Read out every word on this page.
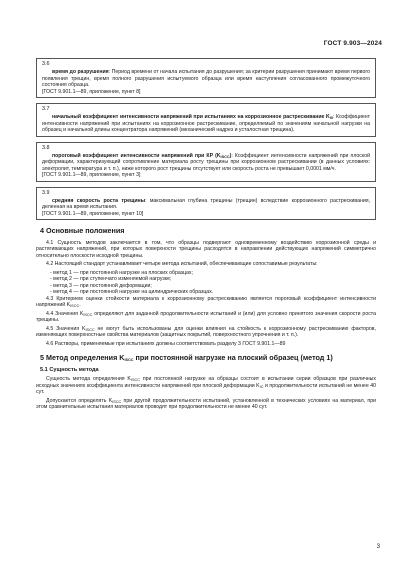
ГОСТ 9.903—2024
3.6

время до разрушения: Период времени от начала испытания до разрушения; за критерии разрушения принимают время первого появления трещин, время полного разрушения испытуемого образца или время наступления согласованного промежуточного состояния образца.

[ГОСТ 9.901.1—89, приложение, пункт 8]

3.7

начальный коэффициент интенсивности напряжений при испытаниях на коррозионное растрескивание $K_{I0}$: Коэффициент интенсивности напряжений при испытаниях на коррозионное растрескивание, определяемый по значениям начальной нагрузки на образец и начальной длины концентратора напряжений (механический надрез и усталостная трещина).

3.8

пороговый коэффициент интенсивности напряжений при КР $(K_{ISCC})$: Коэффициент интенсивности напряжений при плоской деформации, характеризующий сопротивление материала росту трещины при коррозионном растрескивании (в данных условиях: электролит, температура и т. п.), ниже которого рост трещины отсутствует или скорость роста не превышает 0,0001 мм/ч.

[ГОСТ 9.901.1—89, приложение, пункт 3]

3.9

средняя скорость роста трещины: максимальная глубина трещины (трещин) вследствие коррозионного растрескивания, деленная на время испытания.

[ГОСТ 9.901.1—89, приложение, пункт 10]

4 Основные положения

4.1 Сущность методов заключается в том, что образцы подвергают одновременному воздействию коррозионной среды и растягивающих напряжений, при которых поверхности трещины расходятся в направлении действующих напряжений симметрично относительно плоскости исходной трещины.

4.2 Настоящий стандарт устанавливает четыре метода испытаний, обеспечивающие сопоставимые результаты:

- метод 1 — при постоянной нагрузке на плоских образцах;

- метод 2 — при ступенчато изменяемой нагрузке;

- метод 3 — при постоянной деформации;

- метод 4 — при постоянной нагрузке на цилиндрических образцах.

4.3 Критерием оценки стойкости материала к коррозионному растрескиванию является пороговый коэффициент интенсивности напряжений $K_{ISCC}$.

4.4 Значения $K_{ISCC}$ определяют для заданной продолжительности испытаний и (или) для условно принятого значения скорости роста трещины.

4.5 Значения $K_{ISCC}$ не могут быть использованы для оценки влияния на стойкость к коррозионному растрескиванию факторов, изменяющих поверхностные свойства материалов (защитных покрытий, поверхностного упрочнения и т. п.).

4.6 Растворы, применяемые при испытаниях должны соответствовать разделу 3 ГОСТ 9.901.1—89

5 Метод определения $K_{ISCC}$ при постоянной нагрузке на плоский образец (метод 1)
5.1 Сущность метода

Сущность метода определения $K_{ISCC}$ при постоянной нагрузке на образцы состоит в испытании серии образцов при различных исходных значениях коэффициента интенсивности напряжений при плоской деформации $K_{IC}$ и продолжительности испытаний не менее 40 сут.

Допускается определять $K_{ISCC}$ при другой продолжительности испытаний, установленной в технических условиях на материал, при этом сравнительные испытания материалов проводят при продолжительности не менее 40 сут.

3
